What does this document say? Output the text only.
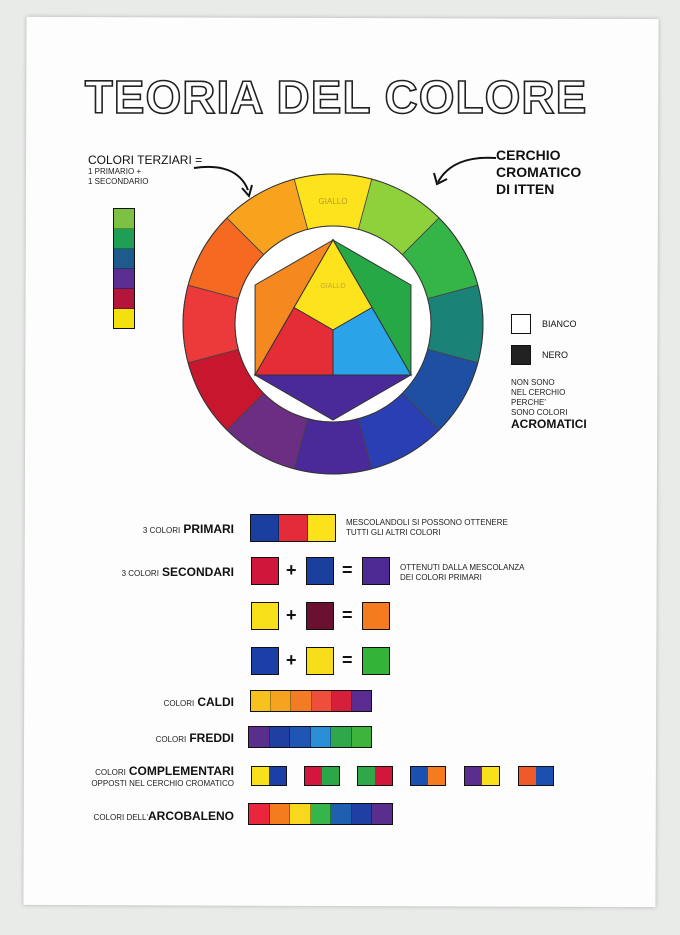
TEORIA DEL COLORE
COLORI TERZIARI =
1 PRIMARIO +
1 SECONDARIO
CERCHIO
CROMATICO
DI ITTEN
GIALLO
GIALLO
BIANCO
NERO
NON SONO
NEL CERCHIO
PERCHE'
SONO COLORI
ACROMATICI
3 COLORI PRIMARI	MESCOLANDOLI SI POSSONO OTTENERE
TUTTI GLI ALTRI COLORI
3 COLORI SECONDARI	OTTENUTI DALLA MESCOLANZA
DEI COLORI PRIMARI
+	=
+	=
+	=
COLORI CALDI
COLORI FREDDI
COLORI COMPLEMENTARI
OPPOSTI NEL CERCHIO CROMATICO
COLORI DELL'ARCOBALENO
